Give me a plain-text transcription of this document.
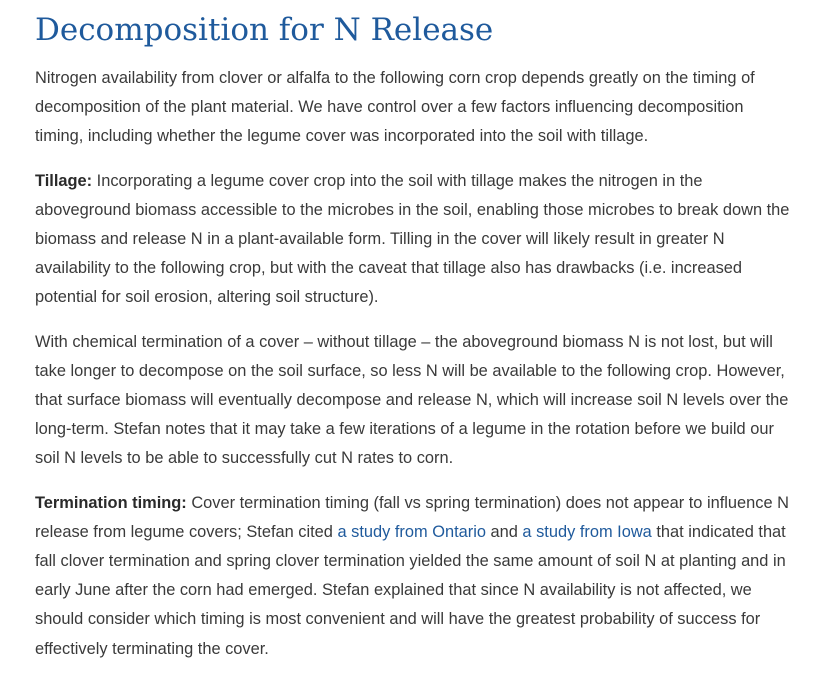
Decomposition for N Release

Nitrogen availability from clover or alfalfa to the following corn crop depends greatly on the timing of decomposition of the plant material. We have control over a few factors influencing decomposition timing, including whether the legume cover was incorporated into the soil with tillage.

Tillage: Incorporating a legume cover crop into the soil with tillage makes the nitrogen in the aboveground biomass accessible to the microbes in the soil, enabling those microbes to break down the biomass and release N in a plant-available form. Tilling in the cover will likely result in greater N availability to the following crop, but with the caveat that tillage also has drawbacks (i.e. increased potential for soil erosion, altering soil structure).

With chemical termination of a cover – without tillage – the aboveground biomass N is not lost, but will take longer to decompose on the soil surface, so less N will be available to the following crop. However, that surface biomass will eventually decompose and release N, which will increase soil N levels over the long-term. Stefan notes that it may take a few iterations of a legume in the rotation before we build our soil N levels to be able to successfully cut N rates to corn.

Termination timing: Cover termination timing (fall vs spring termination) does not appear to influence N release from legume covers; Stefan cited a study from Ontario and a study from Iowa that indicated that fall clover termination and spring clover termination yielded the same amount of soil N at planting and in early June after the corn had emerged. Stefan explained that since N availability is not affected, we should consider which timing is most convenient and will have the greatest probability of success for effectively terminating the cover.
